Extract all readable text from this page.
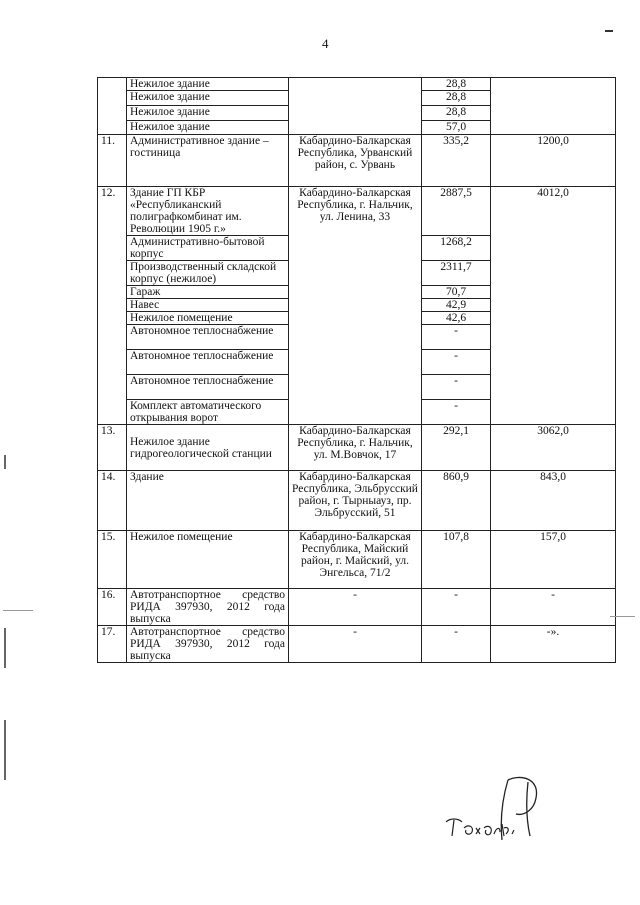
4
	Нежилое здание		28,8	
	Нежилое здание		28,8	
	Нежилое здание		28,8	
	Нежилое здание		57,0	
11.	Административное здание – гостиница	Кабардино-Балкарская Республика, Урванский район, с. Урвань	335,2	1200,0
12.	Здание ГП КБР «Республиканский полиграфкомбинат им. Революции 1905 г.»	Кабардино-Балкарская Республика, г. Нальчик, ул. Ленина, 33	2887,5	4012,0
	Административно-бытовой корпус		1268,2	
	Производственный складской корпус (нежилое)		2311,7	
	Гараж		70,7	
	Навес		42,9	
	Нежилое помещение		42,6	
	Автономное теплоснабжение		-	
	Автономное теплоснабжение		-	
	Автономное теплоснабжение		-	
	Комплект автоматического открывания ворот		-	
13.	Нежилое здание гидрогеологической станции	Кабардино-Балкарская Республика, г. Нальчик, ул. М.Вовчок, 17	292,1	3062,0
14.	Здание	Кабардино-Балкарская Республика, Эльбрусский район, г. Тырныауз, пр. Эльбрусский, 51	860,9	843,0
15.	Нежилое помещение	Кабардино-Балкарская Республика, Майский район, г. Майский, ул. Энгельса, 71/2	107,8	157,0
16.	Автотранспортное средство РИДА 397930, 2012 года выпуска	-	-	-
17.	Автотранспортное средство РИДА 397930, 2012 года выпуска	-	-	-».
